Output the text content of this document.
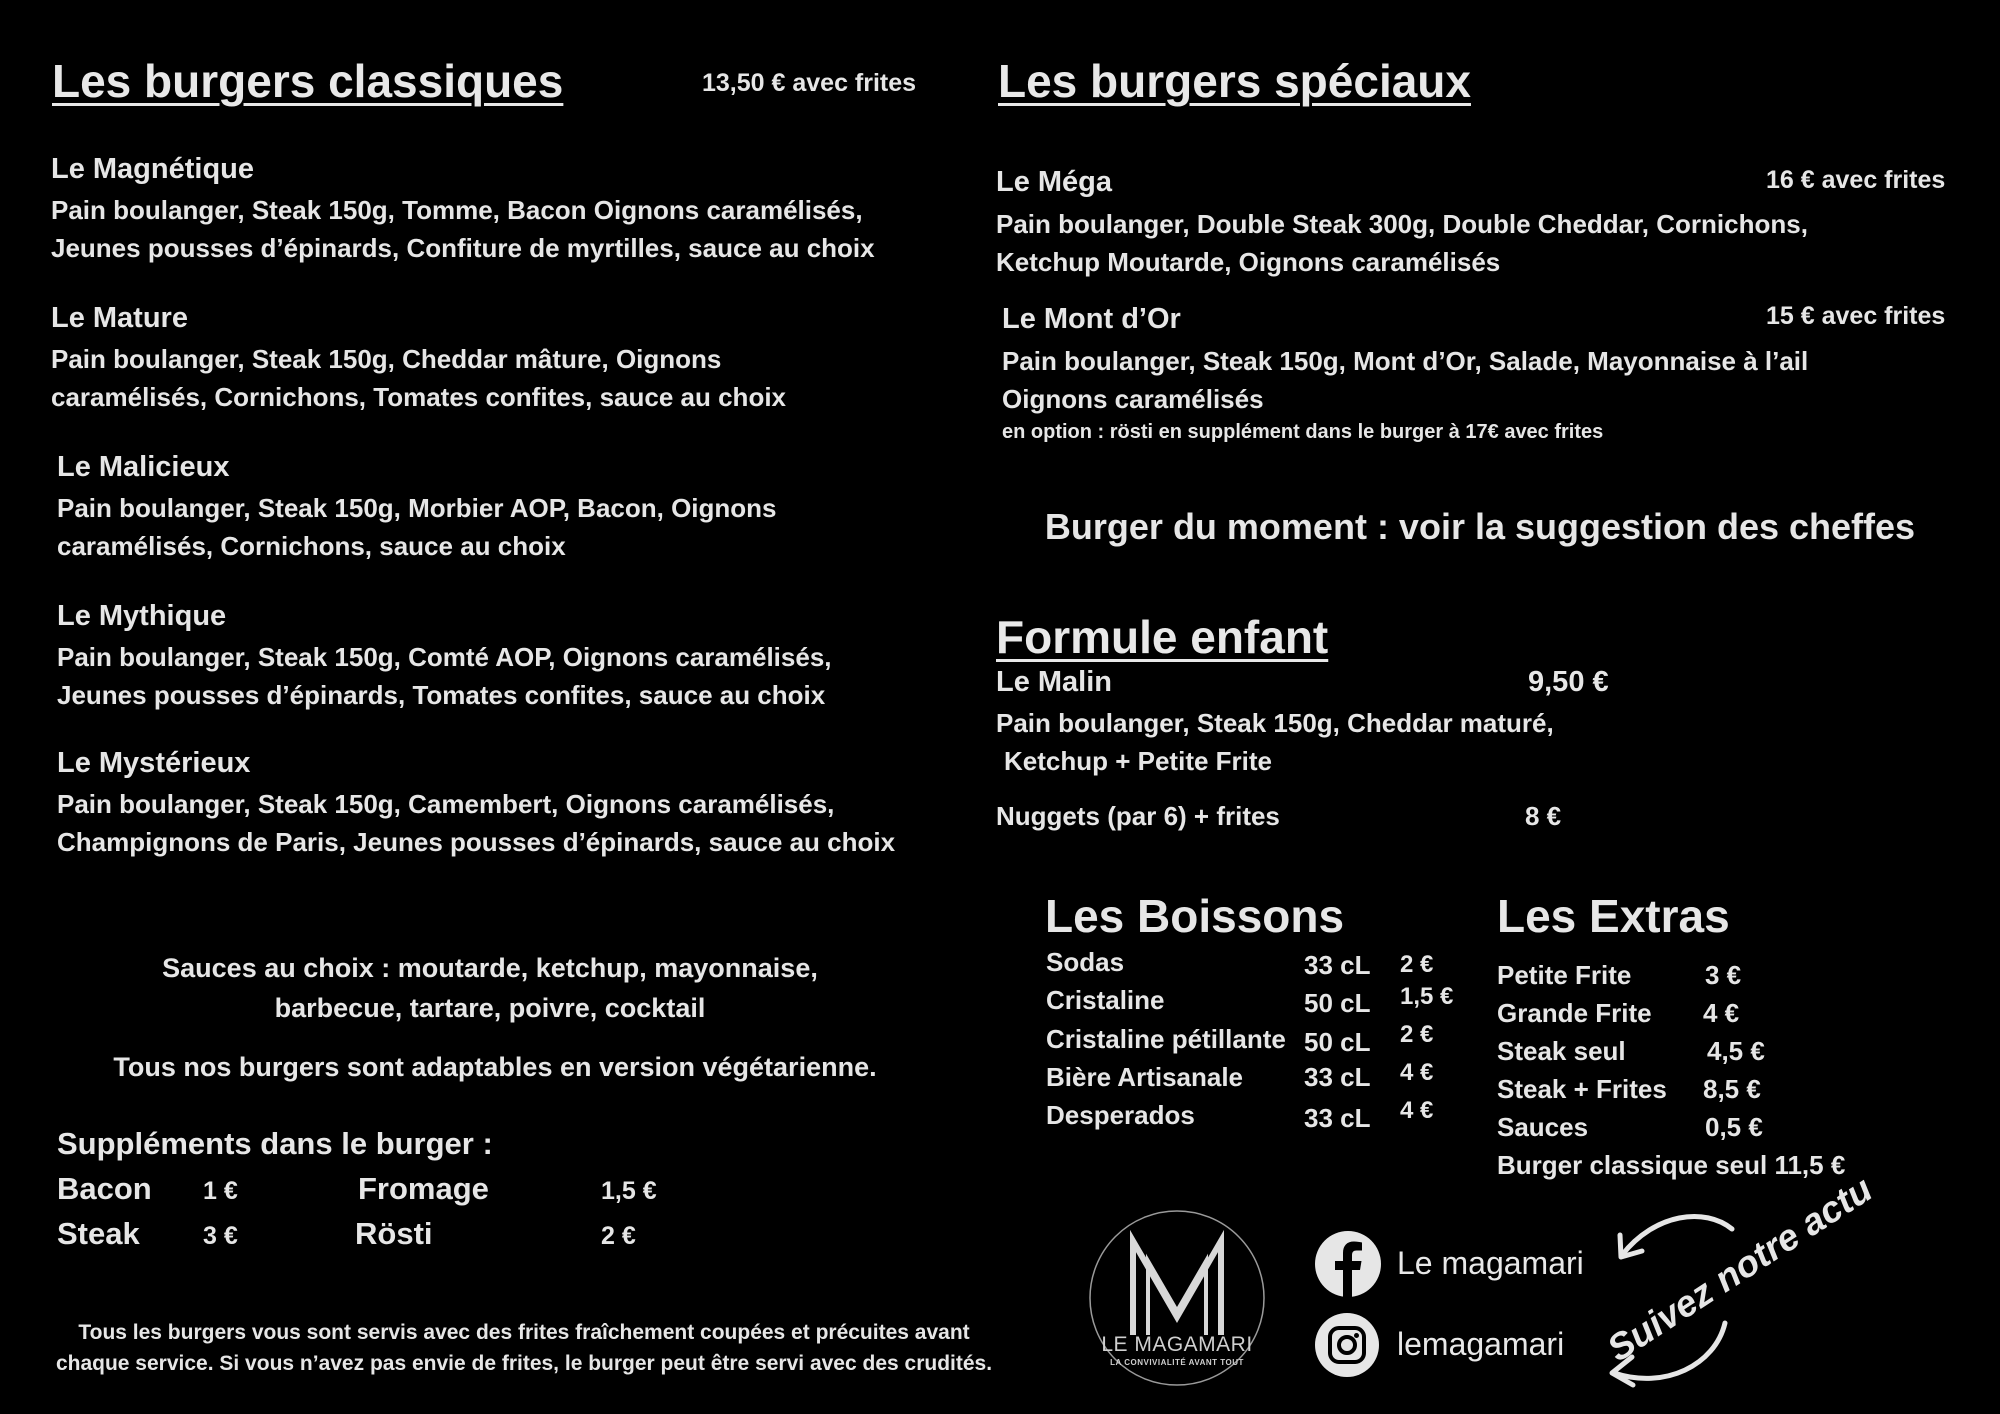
Les burgers classiques	13,50 € avec frites
Le Magnétique
Pain boulanger, Steak 150g, Tomme, Bacon Oignons caramélisés, Jeunes pousses d’épinards, Confiture de myrtilles, sauce au choix
Le Mature
Pain boulanger, Steak 150g, Cheddar mâture, Oignons caramélisés, Cornichons, Tomates confites, sauce au choix
Le Malicieux
Pain boulanger, Steak 150g, Morbier AOP, Bacon, Oignons caramélisés, Cornichons, sauce au choix
Le Mythique
Pain boulanger, Steak 150g, Comté AOP, Oignons caramélisés, Jeunes pousses d’épinards, Tomates confites, sauce au choix
Le Mystérieux
Pain boulanger, Steak 150g, Camembert, Oignons caramélisés, Champignons de Paris, Jeunes pousses d’épinards, sauce au choix
Sauces au choix : moutarde, ketchup, mayonnaise,
barbecue, tartare, poivre, cocktail
Tous nos burgers sont adaptables en version végétarienne.
Suppléments dans le burger :
Bacon 1 €	Fromage	1,5 €
Steak	3 €	Rösti	2 €
Tous les burgers vous sont servis avec des frites fraîchement coupées et précuites avant
chaque service. Si vous n’avez pas envie de frites, le burger peut être servi avec des crudités.
Les burgers spéciaux
Le Méga	16 € avec frites
Pain boulanger, Double Steak 300g, Double Cheddar, Cornichons, Ketchup Moutarde, Oignons caramélisés
Le Mont d’Or	15 € avec frites
Pain boulanger, Steak 150g, Mont d’Or, Salade, Mayonnaise à l’ail Oignons caramélisés
en option : rösti en supplément dans le burger à 17€ avec frites
Burger du moment : voir la suggestion des cheffes
Formule enfant
Le Malin	9,50 €
Pain boulanger, Steak 150g, Cheddar maturé,
Ketchup + Petite Frite
Nuggets (par 6) + frites	8 €
Les Boissons
Sodas	33 cL 2 €
Cristaline	50 cL 1,5 €
Cristaline pétillante 50 cL 2 €
Bière Artisanale 33 cL 4 €
Desperados	33 cL 4 €
Les Extras
Petite Frite	3 €
Grande Frite 4 €
Steak seul	4,5 €
Steak + Frites 8,5 €
Sauces	0,5 €
Burger classique seul 11,5 €
LE MAGAMARI
LA CONVIVIALITÉ AVANT TOUT
Le magamari
lemagamari Suivez notre actu
